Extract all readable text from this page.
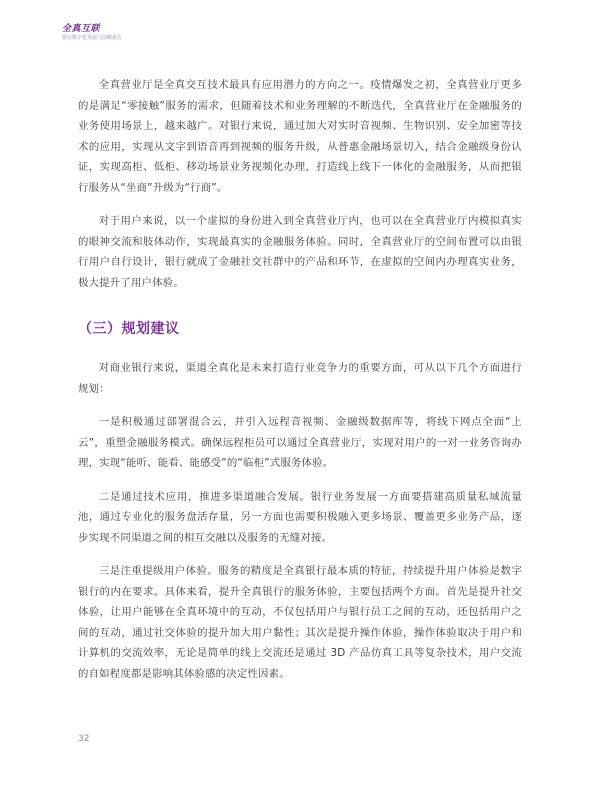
全真互联
银行数字化发展与前瞻报告

全真营业厅是全真交互技术最具有应用潜力的方向之一。疫情爆发之初，全真营业厅更多的是满足“零接触”服务的需求，但随着技术和业务理解的不断迭代，全真营业厅在金融服务的业务使用场景上，越来越广。对银行来说，通过加大对实时音视频、生物识别、安全加密等技术的应用，实现从文字到语音再到视频的服务升级，从普惠金融场景切入，结合金融级身份认证，实现高柜、低柜、移动场景业务视频化办理，打造线上线下一体化的金融服务，从而把银行服务从“坐商”升级为“行商”。

对于用户来说，以一个虚拟的身份进入到全真营业厅内，也可以在全真营业厅内模拟真实的眼神交流和肢体动作，实现最真实的金融服务体验。同时，全真营业厅的空间布置可以由银行用户自行设计，银行就成了金融社交社群中的产品和环节，在虚拟的空间内办理真实业务，极大提升了用户体验。

（三）规划建议

对商业银行来说，渠道全真化是未来打造行业竞争力的重要方面，可从以下几个方面进行规划：

一是积极通过部署混合云，并引入远程音视频、金融级数据库等，将线下网点全面“上云”，重塑金融服务模式。确保远程柜员可以通过全真营业厅，实现对用户的一对一业务咨询办理，实现“能听、能看、能感受”的“临柜”式服务体验。

二是通过技术应用，推进多渠道融合发展。银行业务发展一方面要搭建高质量私域流量池，通过专业化的服务盘活存量，另一方面也需要积极融入更多场景、覆盖更多业务产品，逐步实现不同渠道之间的相互交融以及服务的无缝对接。

三是注重提级用户体验。服务的精度是全真银行最本质的特征，持续提升用户体验是数字银行的内在要求。具体来看，提升全真银行的服务体验，主要包括两个方面。首先是提升社交体验，让用户能够在全真环境中的互动，不仅包括用户与银行员工之间的互动，还包括用户之间的互动，通过社交体验的提升加大用户黏性；其次是提升操作体验，操作体验取决于用户和计算机的交流效率，无论是简单的线上交流还是通过 3D 产品仿真工具等复杂技术，用户交流的自如程度都是影响其体验感的决定性因素。

32
